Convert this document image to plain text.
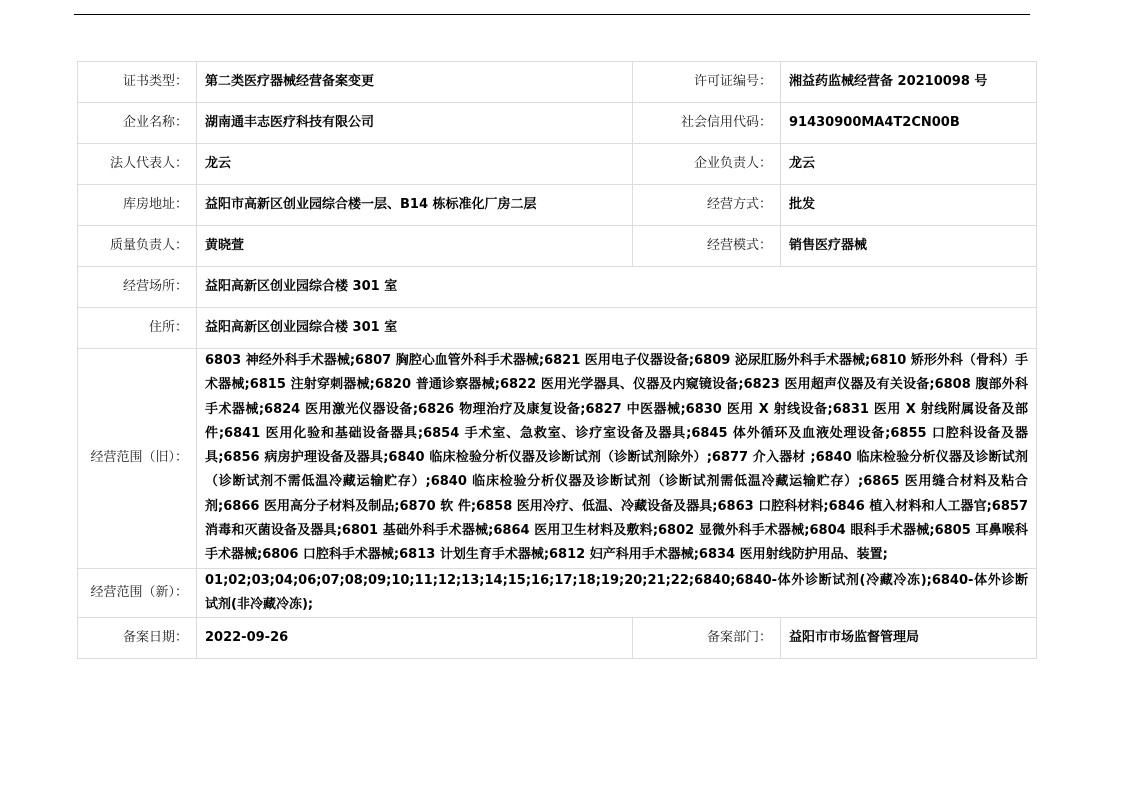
证书类型：	第二类医疗器械经营备案变更	许可证编号：	湘益药监械经营备 20210098 号
企业名称：	湖南通丰志医疗科技有限公司	社会信用代码：	91430900MA4T2CN00B
法人代表人：	龙云	企业负责人：	龙云
库房地址：	益阳市高新区创业园综合楼一层、B14 栋标准化厂房二层	经营方式：	批发
质量负责人：	黄晓萱	经营模式：	销售医疗器械
经营场所：	益阳高新区创业园综合楼 301 室		
住所：	益阳高新区创业园综合楼 301 室		
经营范围（旧）：	6803 神经外科手术器械;6807 胸腔心血管外科手术器械;6821 医用电子仪器设备;6809 泌尿肛肠外科手术器械;6810 矫形外科（骨科）手术器械;6815 注射穿刺器械;6820 普通诊察器械;6822 医用光学器具、仪器及内窥镜设备;6823 医用超声仪器及有关设备;6808 腹部外科手术器械;6824 医用激光仪器设备;6826 物理治疗及康复设备;6827 中医器械;6830 医用 X 射线设备;6831 医用 X 射线附属设备及部件;6841 医用化验和基础设备器具;6854 手术室、急救室、诊疗室设备及器具;6845 体外循环及血液处理设备;6855 口腔科设备及器具;6856 病房护理设备及器具;6840 临床检验分析仪器及诊断试剂（诊断试剂除外）;6877 介入器材 ;6840 临床检验分析仪器及诊断试剂（诊断试剂不需低温冷藏运输贮存）;6840 临床检验分析仪器及诊断试剂（诊断试剂需低温冷藏运输贮存）;6865 医用缝合材料及粘合剂;6866 医用高分子材料及制品;6870 软 件;6858 医用冷疗、低温、冷藏设备及器具;6863 口腔科材料;6846 植入材料和人工器官;6857 消毒和灭菌设备及器具;6801 基础外科手术器械;6864 医用卫生材料及敷料;6802 显微外科手术器械;6804 眼科手术器械;6805 耳鼻喉科手术器械;6806 口腔科手术器械;6813 计划生育手术器械;6812 妇产科用手术器械;6834 医用射线防护用品、装置;		
经营范围（新）：	01;02;03;04;06;07;08;09;10;11;12;13;14;15;16;17;18;19;20;21;22;6840;6840-体外诊断试剂(冷藏冷冻);6840-体外诊断试剂(非冷藏冷冻);		
备案日期：	2022-09-26	备案部门：	益阳市市场监督管理局
